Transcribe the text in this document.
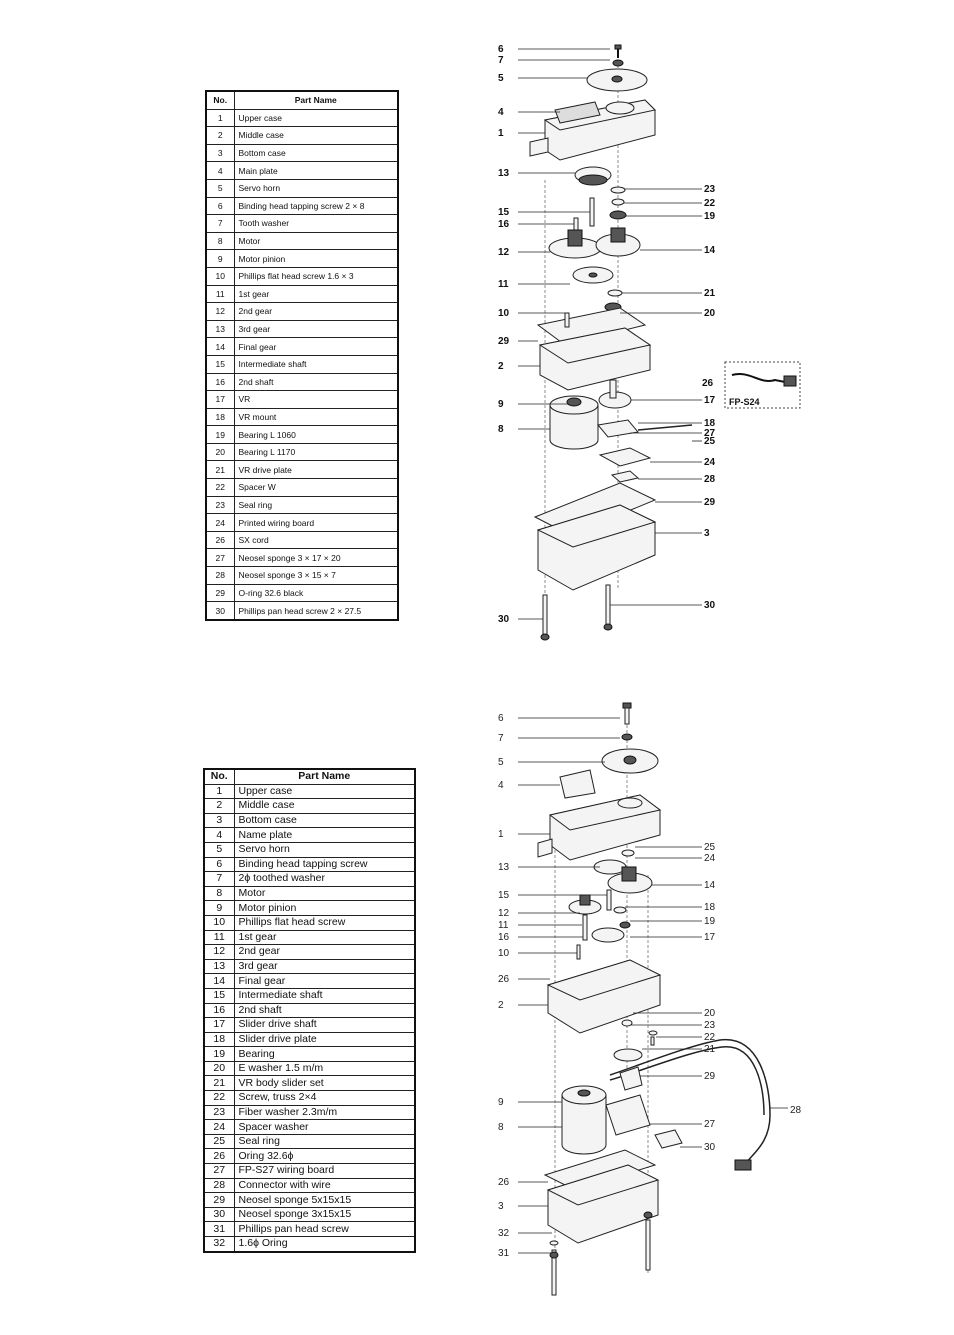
No.	Part Name
1	Upper case
2	Middle case
3	Bottom case
4	Main plate
5	Servo horn
6	Binding head tapping screw 2 × 8
7	Tooth washer
8	Motor
9	Motor pinion
10	Phillips flat head screw 1.6 × 3
11	1st gear
12	2nd gear
13	3rd gear
14	Final gear
15	Intermediate shaft
16	2nd shaft
17	VR
18	VR mount
19	Bearing L 1060
20	Bearing L 1170
21	VR drive plate
22	Spacer W
23	Seal ring
24	Printed wiring board
26	SX cord
27	Neosel sponge 3 × 17 × 20
28	Neosel sponge 3 × 15 × 7
29	O-ring 32.6 black
30	Phillips pan head screw 2 × 27.5
FP-S24
6
7
5
4
1
13
15
16
12
11
10
29
2
9
8
30
23
22
19
14
21
20
26
17
18
27
25
24
28
29
3
30
No.	Part Name
1	Upper case
2	Middle case
3	Bottom case
4	Name plate
5	Servo horn
6	Binding head tapping screw
7	2ϕ toothed washer
8	Motor
9	Motor pinion
10	Phillips flat head screw
11	1st gear
12	2nd gear
13	3rd gear
14	Final gear
15	Intermediate shaft
16	2nd shaft
17	Slider drive shaft
18	Slider drive plate
19	Bearing
20	E washer 1.5 m/m
21	VR body slider set
22	Screw, truss 2×4
23	Fiber washer 2.3m/m
24	Spacer washer
25	Seal ring
26	Oring 32.6ϕ
27	FP-S27 wiring board
28	Connector with wire
29	Neosel sponge 5x15x15
30	Neosel sponge 3x15x15
31	Phillips pan head screw
32	1.6ϕ Oring
6
7
5
4
1
13
15
12
11
16
10
26
2
9
8
26
3
32
31
25
24
14
18
19
17
20
23
22
21
29
27
28
30
